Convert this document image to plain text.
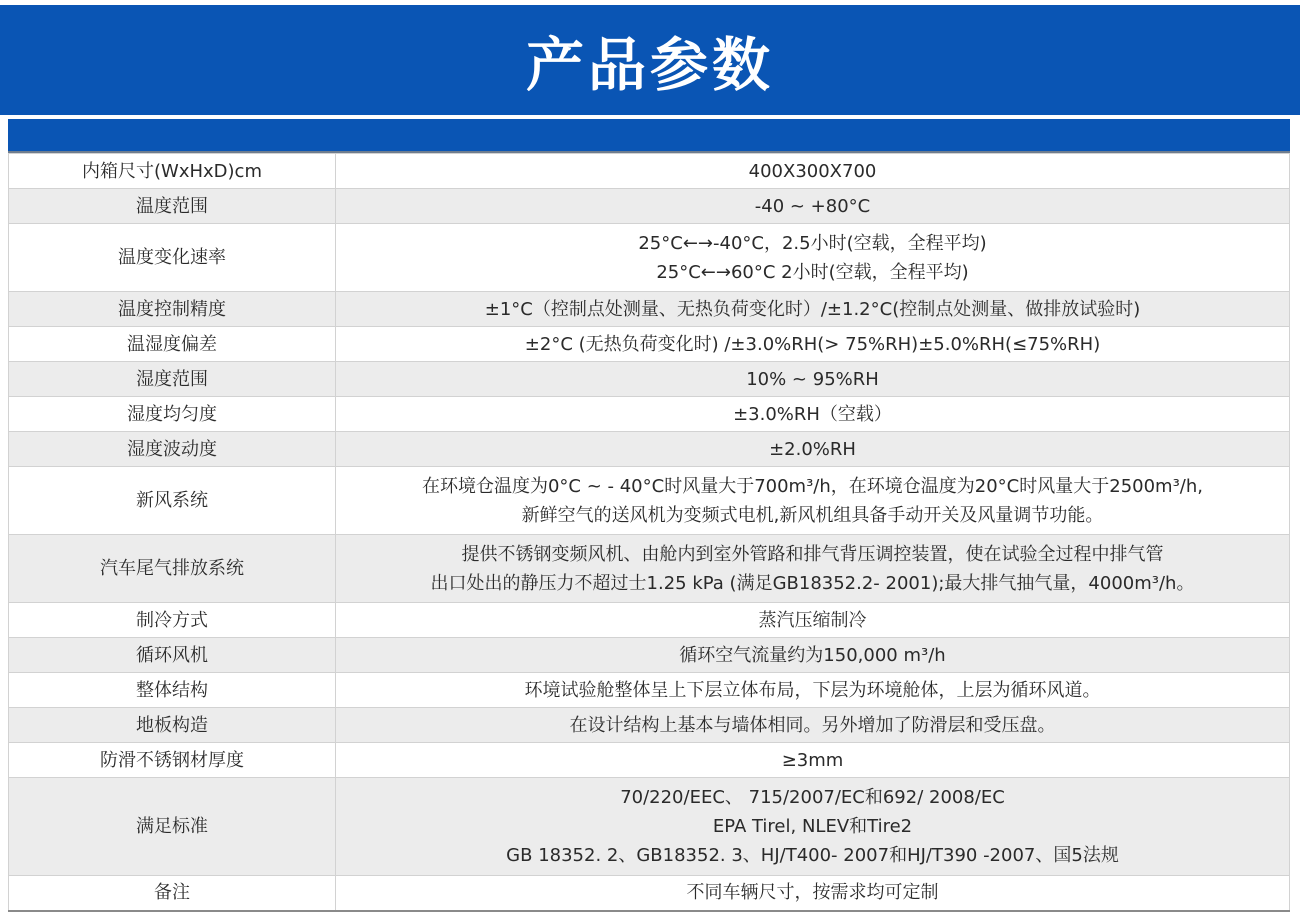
产品参数
内箱尺寸(WxHxD)cm	400X300X700

温度范围	-40 ~ +80°C

温度变化速率	25°C←→-40°C，2.5小时(空载，全程平均)
25°C←→60°C 2小时(空载，全程平均)

温度控制精度	±1°C（控制点处测量、无热负荷变化时）/±1.2°C(控制点处测量、做排放试验时)

温湿度偏差	±2°C (无热负荷变化时) /±3.0%RH(> 75%RH)±5.0%RH(≤75%RH)

湿度范围	10% ~ 95%RH

湿度均匀度	±3.0%RH（空载）

湿度波动度	±2.0%RH

新风系统	在环境仓温度为0°C ~ - 40°C时风量大于700m³/h，在环境仓温度为20°C时风量大于2500m³/h,
新鲜空气的送风机为变频式电机,新风机组具备手动开关及风量调节功能。

汽车尾气排放系统	提供不锈钢变频风机、由舱内到室外管路和排气背压调控装置，使在试验全过程中排气管
出口处出的静压力不超过士1.25 kPa (满足GB18352.2- 2001);最大排气抽气量，4000m³/h。

制冷方式	蒸汽压缩制冷

循环风机	循环空气流量约为150,000 m³/h

整体结构	环境试验舱整体呈上下层立体布局，下层为环境舱体，上层为循环风道。

地板构造	在设计结构上基本与墙体相同。另外增加了防滑层和受压盘。

防滑不锈钢材厚度	≥3mm

满足标准	70/220/EEC、 715/2007/EC和692/ 2008/EC
EPA Tirel, NLEV和Tire2
GB 18352. 2、GB18352. 3、HJ/T400- 2007和HJ/T390 -2007、国5法规

备注	不同车辆尺寸，按需求均可定制
